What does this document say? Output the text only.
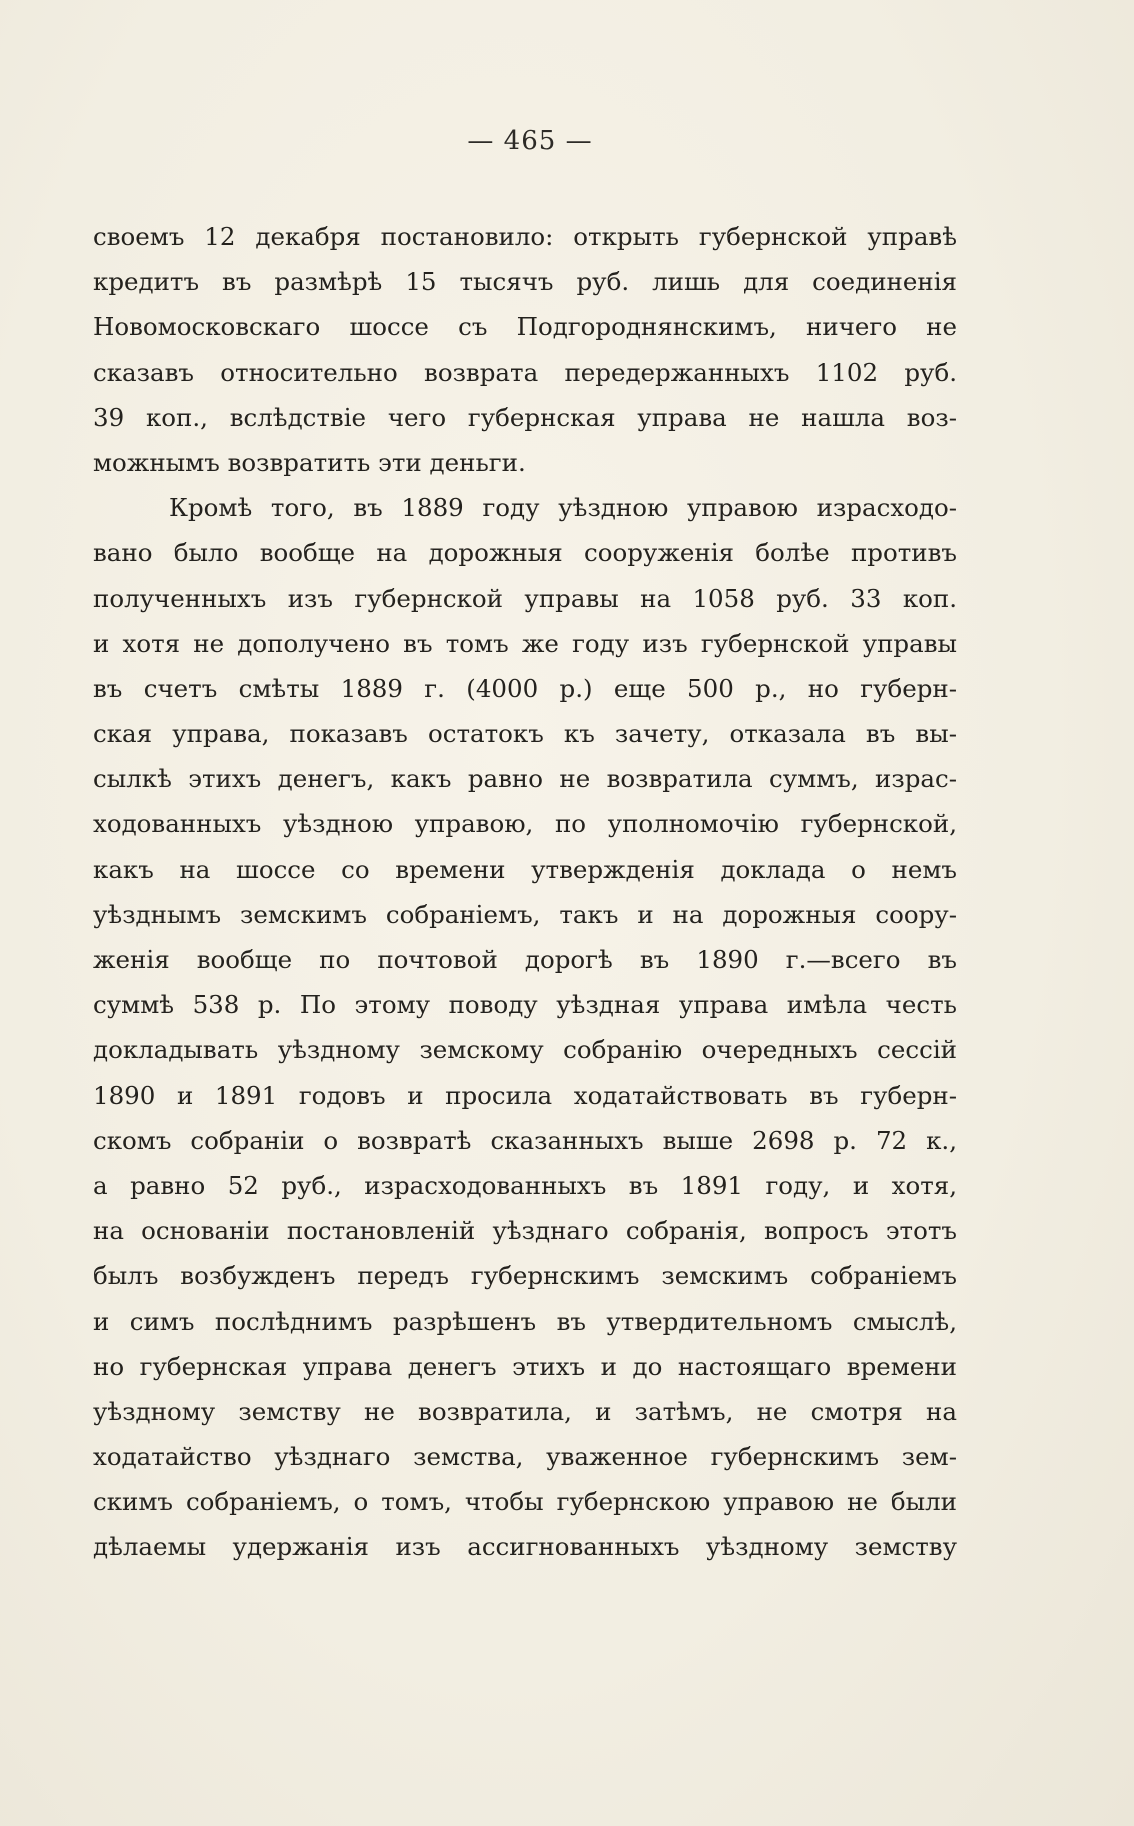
— 465 —
своемъ 12 декабря постановило: открыть губернской управѣ
кредитъ въ размѣрѣ 15 тысячъ руб. лишь для соединенія
Новомосковскаго шоссе съ Подгороднянскимъ, ничего не
сказавъ относительно возврата передержанныхъ 1102 руб.
39 коп., вслѣдствіе чего губернская управа не нашла воз-
можнымъ возвратить эти деньги.
Кромѣ того, въ 1889 году уѣздною управою израсходо-
вано было вообще на дорожныя сооруженія болѣе противъ
полученныхъ изъ губернской управы на 1058 руб. 33 коп.
и хотя не дополучено въ томъ же году изъ губернской управы
въ счетъ смѣты 1889 г. (4000 р.) еще 500 р., но губерн-
ская управа, показавъ остатокъ къ зачету, отказала въ вы-
сылкѣ этихъ денегъ, какъ равно не возвратила суммъ, израс-
ходованныхъ уѣздною управою, по уполномочію губернской,
какъ на шоссе со времени утвержденія доклада о немъ
уѣзднымъ земскимъ собраніемъ, такъ и на дорожныя соору-
женія вообще по почтовой дорогѣ въ 1890 г.—всего въ
суммѣ 538 р. По этому поводу уѣздная управа имѣла честь
докладывать уѣздному земскому собранію очередныхъ сессій
1890 и 1891 годовъ и просила ходатайствовать въ губерн-
скомъ собраніи о возвратѣ сказанныхъ выше 2698 р. 72 к.,
а равно 52 руб., израсходованныхъ въ 1891 году, и хотя,
на основаніи постановленій уѣзднаго собранія, вопросъ этотъ
былъ возбужденъ передъ губернскимъ земскимъ собраніемъ
и симъ послѣднимъ разрѣшенъ въ утвердительномъ смыслѣ,
но губернская управа денегъ этихъ и до настоящаго времени
уѣздному земству не возвратила, и затѣмъ, не смотря на
ходатайство уѣзднаго земства, уваженное губернскимъ зем-
скимъ собраніемъ, о томъ, чтобы губернскою управою не были
дѣлаемы удержанія изъ ассигнованныхъ уѣздному земству
